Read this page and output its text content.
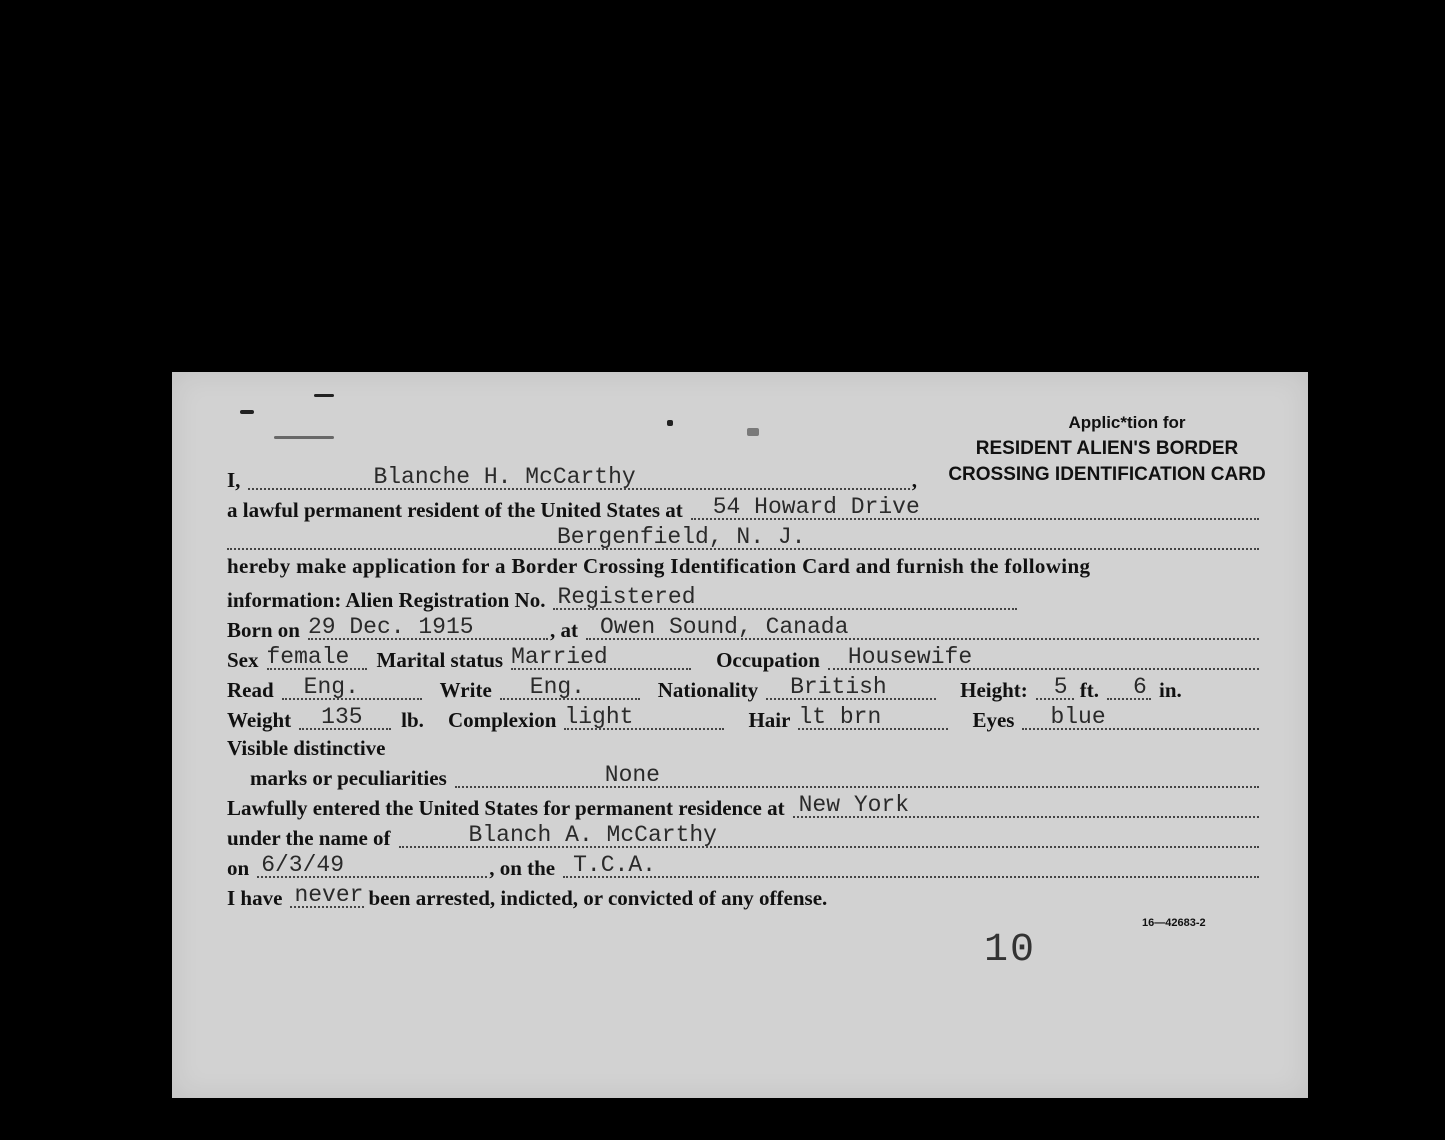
Applic*tion for
RESIDENT ALIEN'S BORDER
CROSSING IDENTIFICATION CARD
I,	Blanche H. McCarthy	,
a lawful permanent resident of the United States at 54 Howard Drive
Bergenfield, N. J.
hereby make application for a Border Crossing Identification Card and furnish the following
information: Alien Registration No. Registered
Born on 29 Dec. 1915	, at Owen Sound, Canada
Sex female Marital status Married	Occupation Housewife
Read Eng.	Write Eng.	Nationality British	Height: 5 ft. 6 in.
Weight 135 lb. Complexion light	Hair lt brn	Eyes blue
Visible distinctive
marks or peculiarities	None
Lawfully entered the United States for permanent residence at New York
under the name of	Blanch A. McCarthy
on 6/3/49	, on the T.C.A.
I have never been arrested, indicted, or convicted of any offense.
16—42683-2
10
